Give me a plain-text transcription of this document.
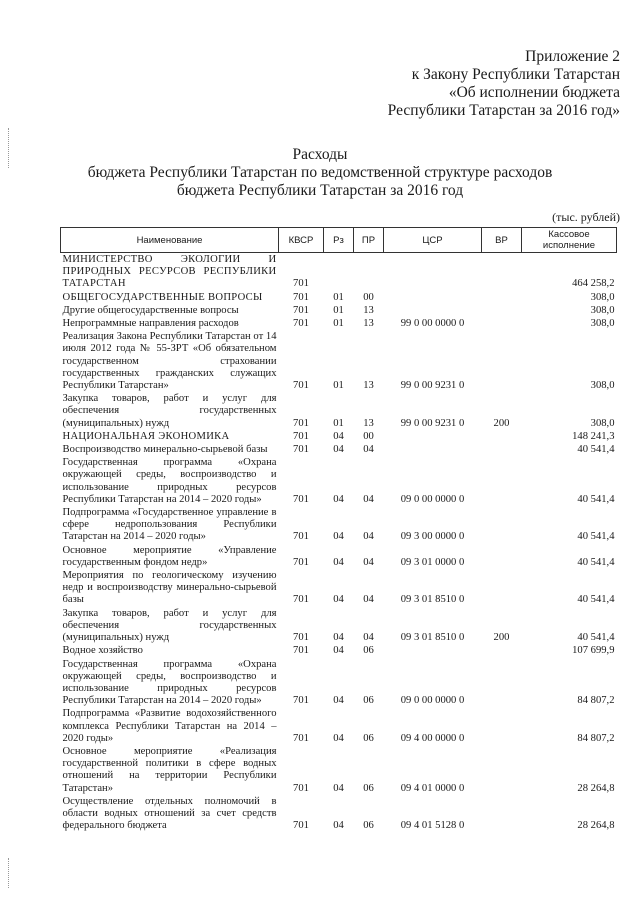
Приложение 2
к Закону Республики Татарстан
«Об исполнении бюджета
Республики Татарстан за 2016 год»
Расходы
бюджета Республики Татарстан по ведомственной структуре расходов
бюджета Республики Татарстан за 2016 год
(тыс. рублей)
Наименование	КВСР	Рз	ПР	ЦСР	ВР	Кассовое исполнение
МИНИСТЕРСТВО ЭКОЛОГИИ И ПРИРОДНЫХ РЕСУРСОВ РЕСПУБЛИКИ ТАТАРСТАН	701					464 258,2
ОБЩЕГОСУДАРСТВЕННЫЕ ВОПРОСЫ	701	01	00			308,0
Другие общегосударственные вопросы	701	01	13			308,0
Непрограммные направления расходов	701	01	13	99 0 00 0000 0		308,0
Реализация Закона Республики Татарстан от 14 июля 2012 года № 55-ЗРТ «Об обязательном государственном страховании государственных гражданских служащих Республики Татарстан»	701	01	13	99 0 00 9231 0		308,0
Закупка товаров, работ и услуг для обеспечения государственных (муниципальных) нужд	701	01	13	99 0 00 9231 0	200	308,0
НАЦИОНАЛЬНАЯ ЭКОНОМИКА	701	04	00			148 241,3
Воспроизводство минерально-сырьевой базы	701	04	04			40 541,4
Государственная программа «Охрана окружающей среды, воспроизводство и использование природных ресурсов Республики Татарстан на 2014 – 2020 годы»	701	04	04	09 0 00 0000 0		40 541,4
Подпрограмма «Государственное управление в сфере недропользования Республики Татарстан на 2014 – 2020 годы»	701	04	04	09 3 00 0000 0		40 541,4
Основное мероприятие «Управление государственным фондом недр»	701	04	04	09 3 01 0000 0		40 541,4
Мероприятия по геологическому изучению недр и воспроизводству минерально-сырьевой базы	701	04	04	09 3 01 8510 0		40 541,4
Закупка товаров, работ и услуг для обеспечения государственных (муниципальных) нужд	701	04	04	09 3 01 8510 0	200	40 541,4
Водное хозяйство	701	04	06			107 699,9
Государственная программа «Охрана окружающей среды, воспроизводство и использование природных ресурсов Республики Татарстан на 2014 – 2020 годы»	701	04	06	09 0 00 0000 0		84 807,2
Подпрограмма «Развитие водохозяйственного комплекса Республики Татарстан на 2014 – 2020 годы»	701	04	06	09 4 00 0000 0		84 807,2
Основное мероприятие «Реализация государственной политики в сфере водных отношений на территории Республики Татарстан»	701	04	06	09 4 01 0000 0		28 264,8
Осуществление отдельных полномочий в области водных отношений за счет средств федерального бюджета	701	04	06	09 4 01 5128 0		28 264,8
